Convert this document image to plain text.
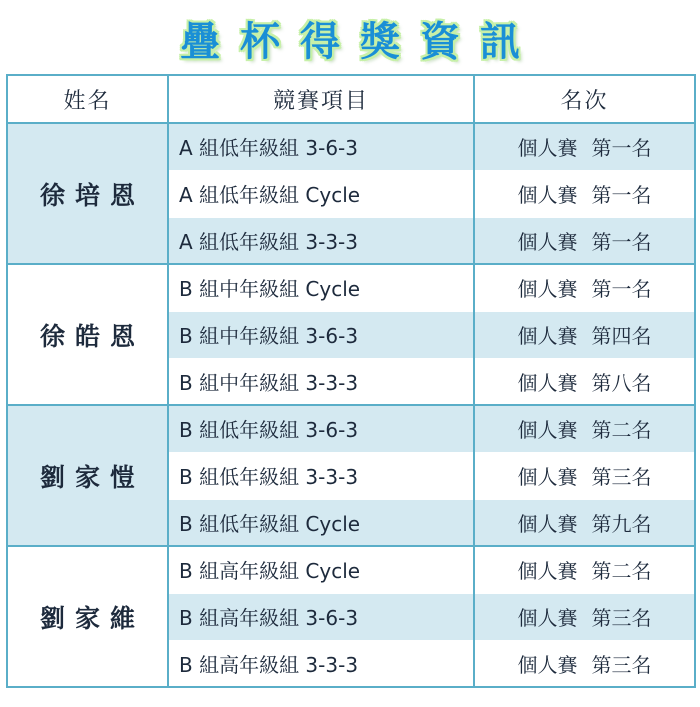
疊杯得獎資訊
姓名	競賽項目	名次
徐培恩	A 組低年級組 3-6-3	個人賽 第一名
	A 組低年級組 Cycle	個人賽 第一名
	A 組低年級組 3-3-3	個人賽 第一名
徐皓恩	B 組中年級組 Cycle	個人賽 第一名
	B 組中年級組 3-6-3	個人賽 第四名
	B 組中年級組 3-3-3	個人賽 第八名
劉家愷	B 組低年級組 3-6-3	個人賽 第二名
	B 組低年級組 3-3-3	個人賽 第三名
	B 組低年級組 Cycle	個人賽 第九名
劉家維	B 組高年級組 Cycle	個人賽 第二名
	B 組高年級組 3-6-3	個人賽 第三名
	B 組高年級組 3-3-3	個人賽 第三名
